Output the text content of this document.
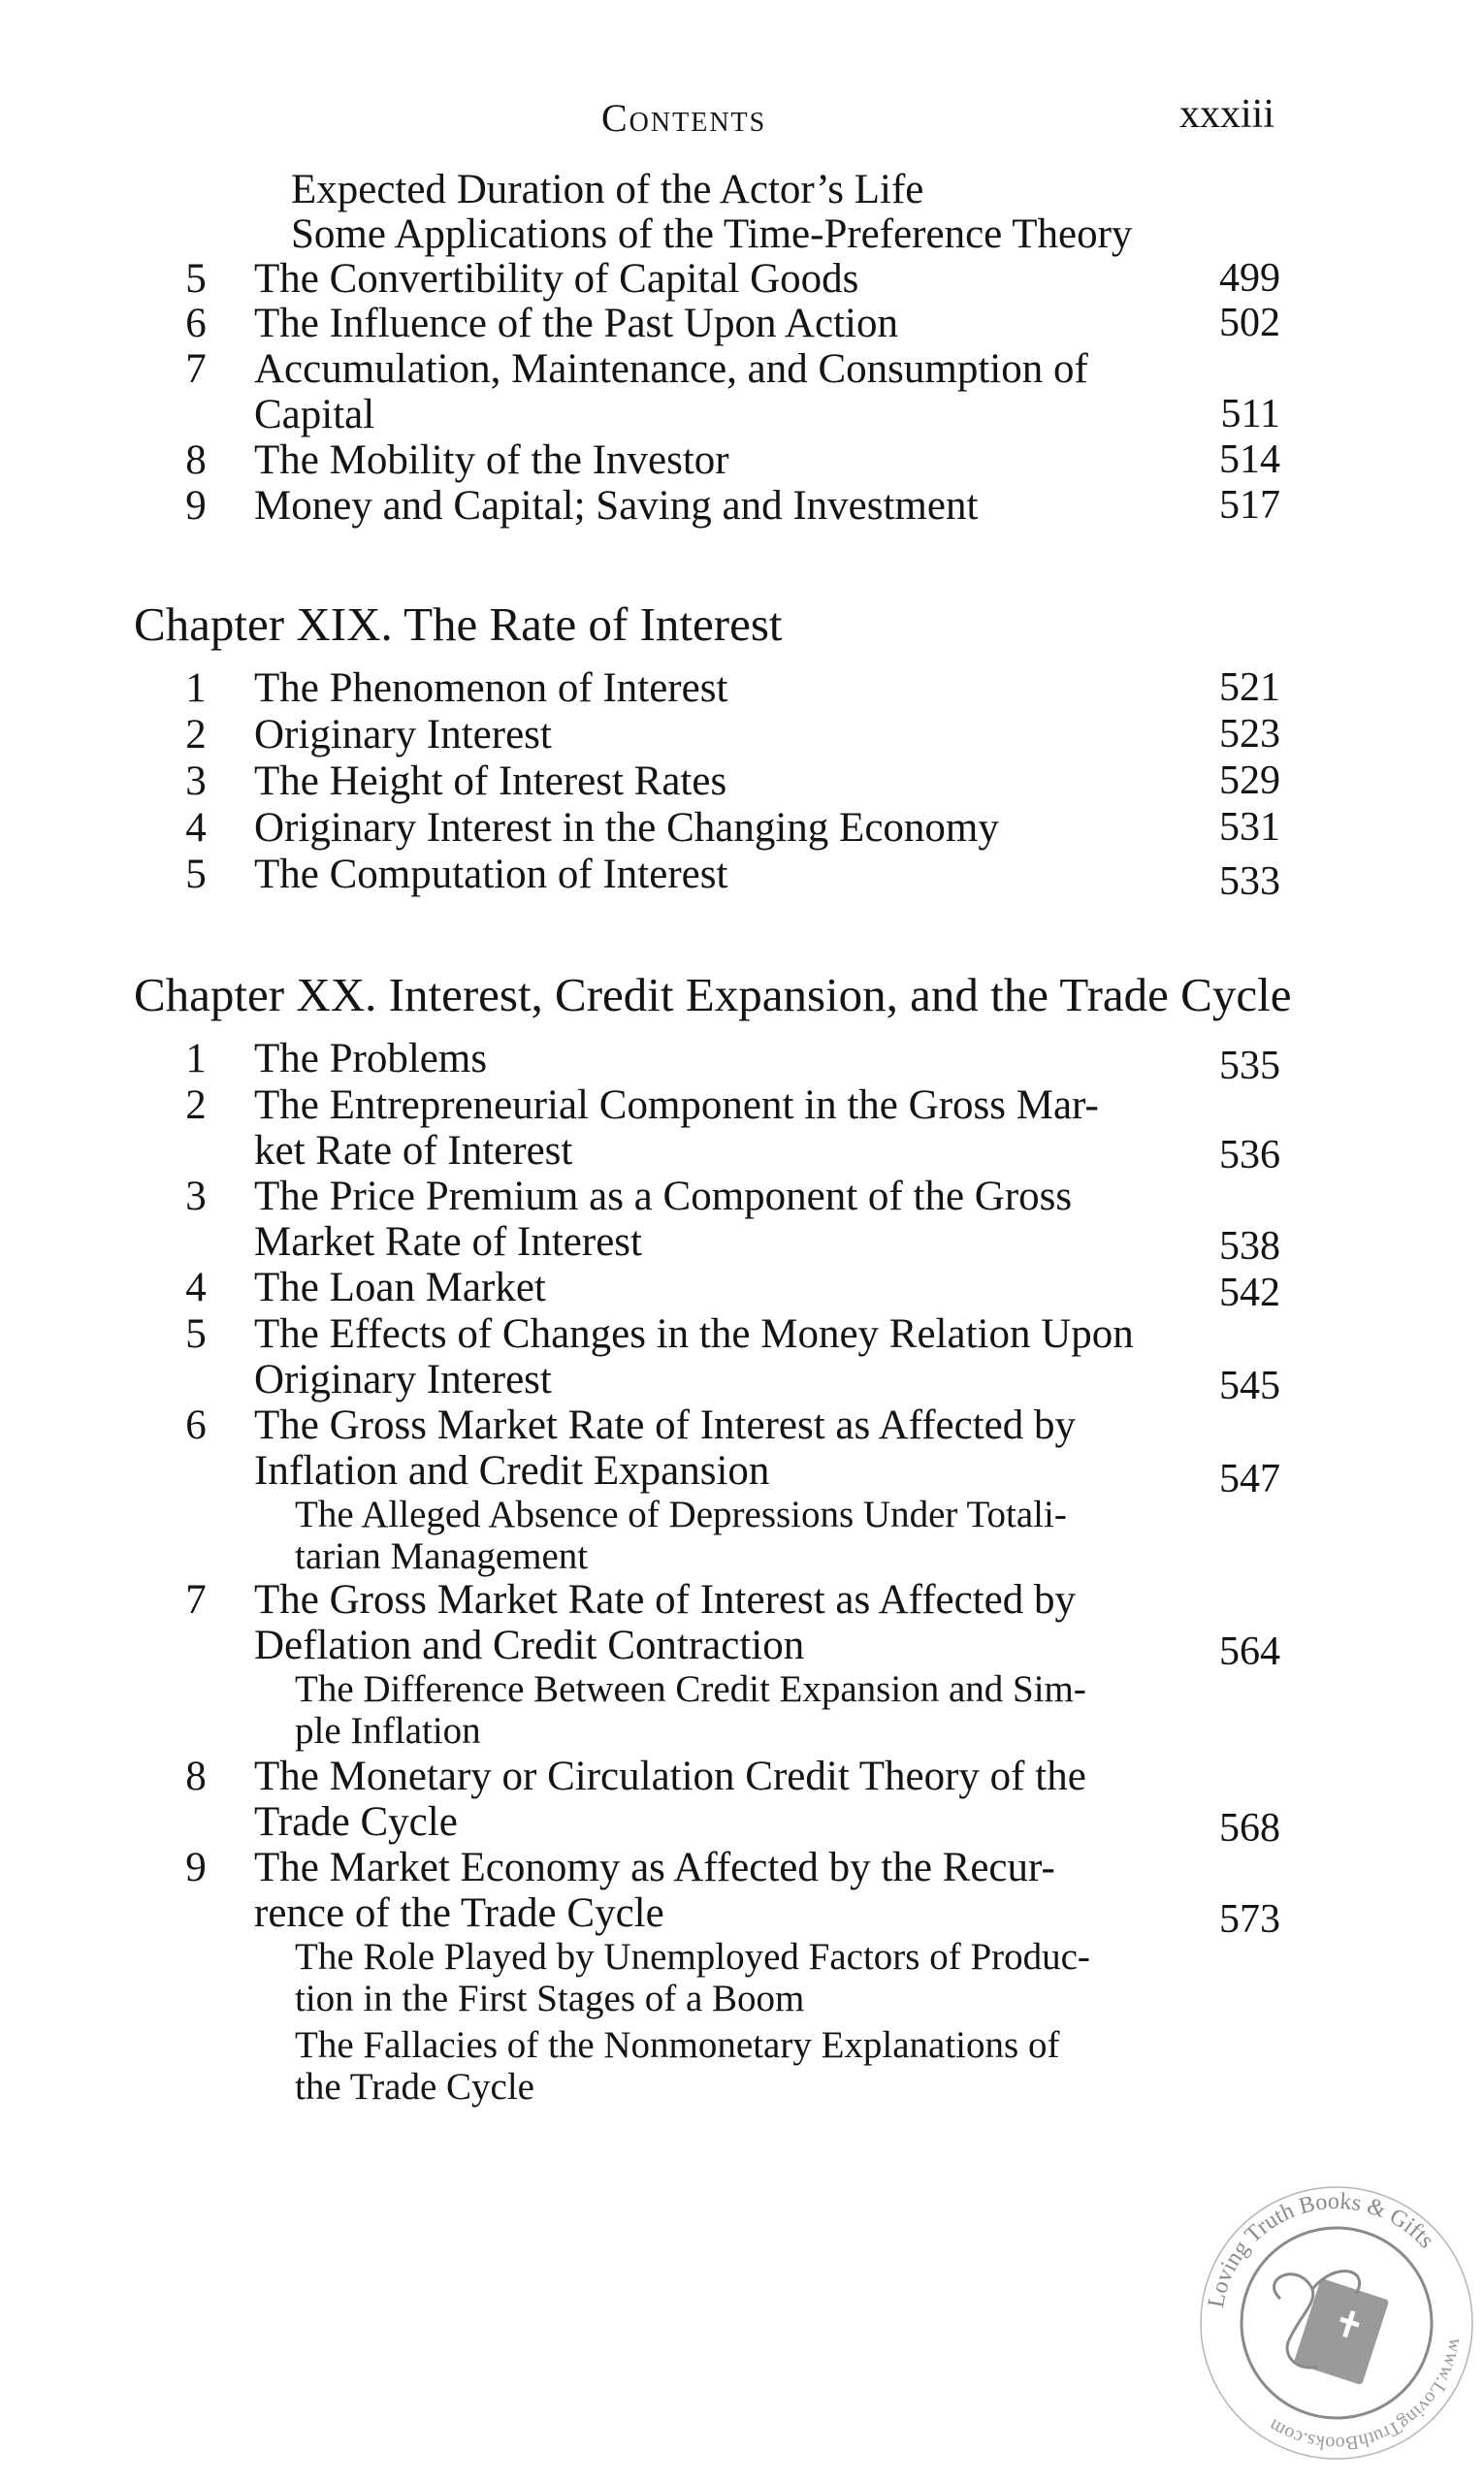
Contents	xxxiii
Expected Duration of the Actor’s Life
Some Applications of the Time-Preference Theory
5 The Convertibility of Capital Goods	499
6 The Influence of the Past Upon Action	502
7 Accumulation, Maintenance, and Consumption of
Capital	511
8 The Mobility of the Investor	514
9 Money and Capital; Saving and Investment	517
Chapter XIX. The Rate of Interest
1 The Phenomenon of Interest	521
2 Originary Interest	523
3 The Height of Interest Rates	529
4 Originary Interest in the Changing Economy	531
5 The Computation of Interest	533
Chapter XX. Interest, Credit Expansion, and the Trade Cycle
1 The Problems	535
2 The Entrepreneurial Component in the Gross Mar-
ket Rate of Interest	536
3 The Price Premium as a Component of the Gross
Market Rate of Interest	538
4 The Loan Market	542
5 The Effects of Changes in the Money Relation Upon
Originary Interest	545
6 The Gross Market Rate of Interest as Affected by
Inflation and Credit Expansion	547
The Alleged Absence of Depressions Under Totali-
tarian Management
7 The Gross Market Rate of Interest as Affected by
Deflation and Credit Contraction	564
The Difference Between Credit Expansion and Sim-
ple Inflation
8 The Monetary or Circulation Credit Theory of the
Trade Cycle	568
9 The Market Economy as Affected by the Recur-
rence of the Trade Cycle	573
The Role Played by Unemployed Factors of Produc-
tion in the First Stages of a Boom
The Fallacies of the Nonmonetary Explanations of
the Trade Cycle
Loving Truth Books & Gifts
www.LovingTruthBooks.com
